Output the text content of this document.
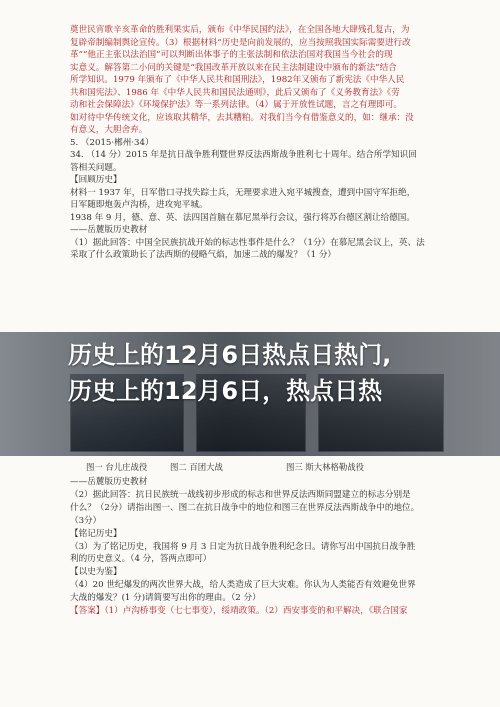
奠世民宵歌辛亥革命的胜利果实后，颁布《中华民国约法》，在全国各地大肆残孔复古，为
复辟帝制编制舆论宣传。（3）根据材料“历史是向前发展的，应当按照我国实际需要进行改
革”“他正主张以法治国”可以判断出体事子的主张法制和依法治国对我国当今社会的现
实意义。解答第二小问的关键是“我国改革开放以来在民主法制建设中颁布的新法”结合
所学知识。1979 年颁布了《中华人民共和国刑法》，1982年又颁布了新宪法《中华人民
共和国宪法》、1986 年《中华人民共和国民法通则》，此后又颁布了《义务教育法》《劳
动和社会保障法》《环境保护法》等一系列法律。（4）属于开放性试题，言之有理即可。
如对待中华传统文化，应该取其精华，去其糟粕。对我们当今有借鉴意义的，如：继承：没
有意义，大胆舍弃。
5. （2015·郴州·34）
34. （14 分）2015 年是抗日战争胜利暨世界反法西斯战争胜利七十周年。结合所学知识回
答相关问题。
【回顾历史】
材料一 1937 年，日军借口寻找失踪士兵，无理要求进入宛平城搜查，遭到中国守军拒绝，
日军随即炮轰卢沟桥，进攻宛平城。
1938 年 9 月，德、意、英、法四国首脑在慕尼黑举行会议，强行将苏台德区割让给德国。
——岳麓版历史教材
（1）据此回答：中国全民族抗战开始的标志性事件是什么？（1分）在慕尼黑会议上，英、法
采取了什么政策助长了法西斯的侵略气焰，加速二战的爆发？（1 分）
历史上的12月6日热点日热门,
历史上的12月6日，热点日热
图一 台儿庄战役	图二 百团大战	图三 斯大林格勒战役
——岳麓版历史教材
（2）据此回答：抗日民族统一战线初步形成的标志和世界反法西斯同盟建立的标志分别是
什么？（2分）请指出图一、图二在抗日战争中的地位和图三在世界反法西斯战争中的地位。
（3分）
【铭记历史】
（3）为了铭记历史，我国将 9 月 3 日定为抗日战争胜利纪念日。请你写出中国抗日战争胜
利的历史意义。（4 分，答两点即可）
【以史为鉴】
（4）20 世纪爆发的两次世界大战，给人类造成了巨大灾难。你认为人类能否有效避免世界
大战的爆发？(1 分)请简要写出你的理由。（2 分）
【答案】（1）卢沟桥事变（七七事变），绥靖政策。（2）西安事变的和平解决，《联合国家
